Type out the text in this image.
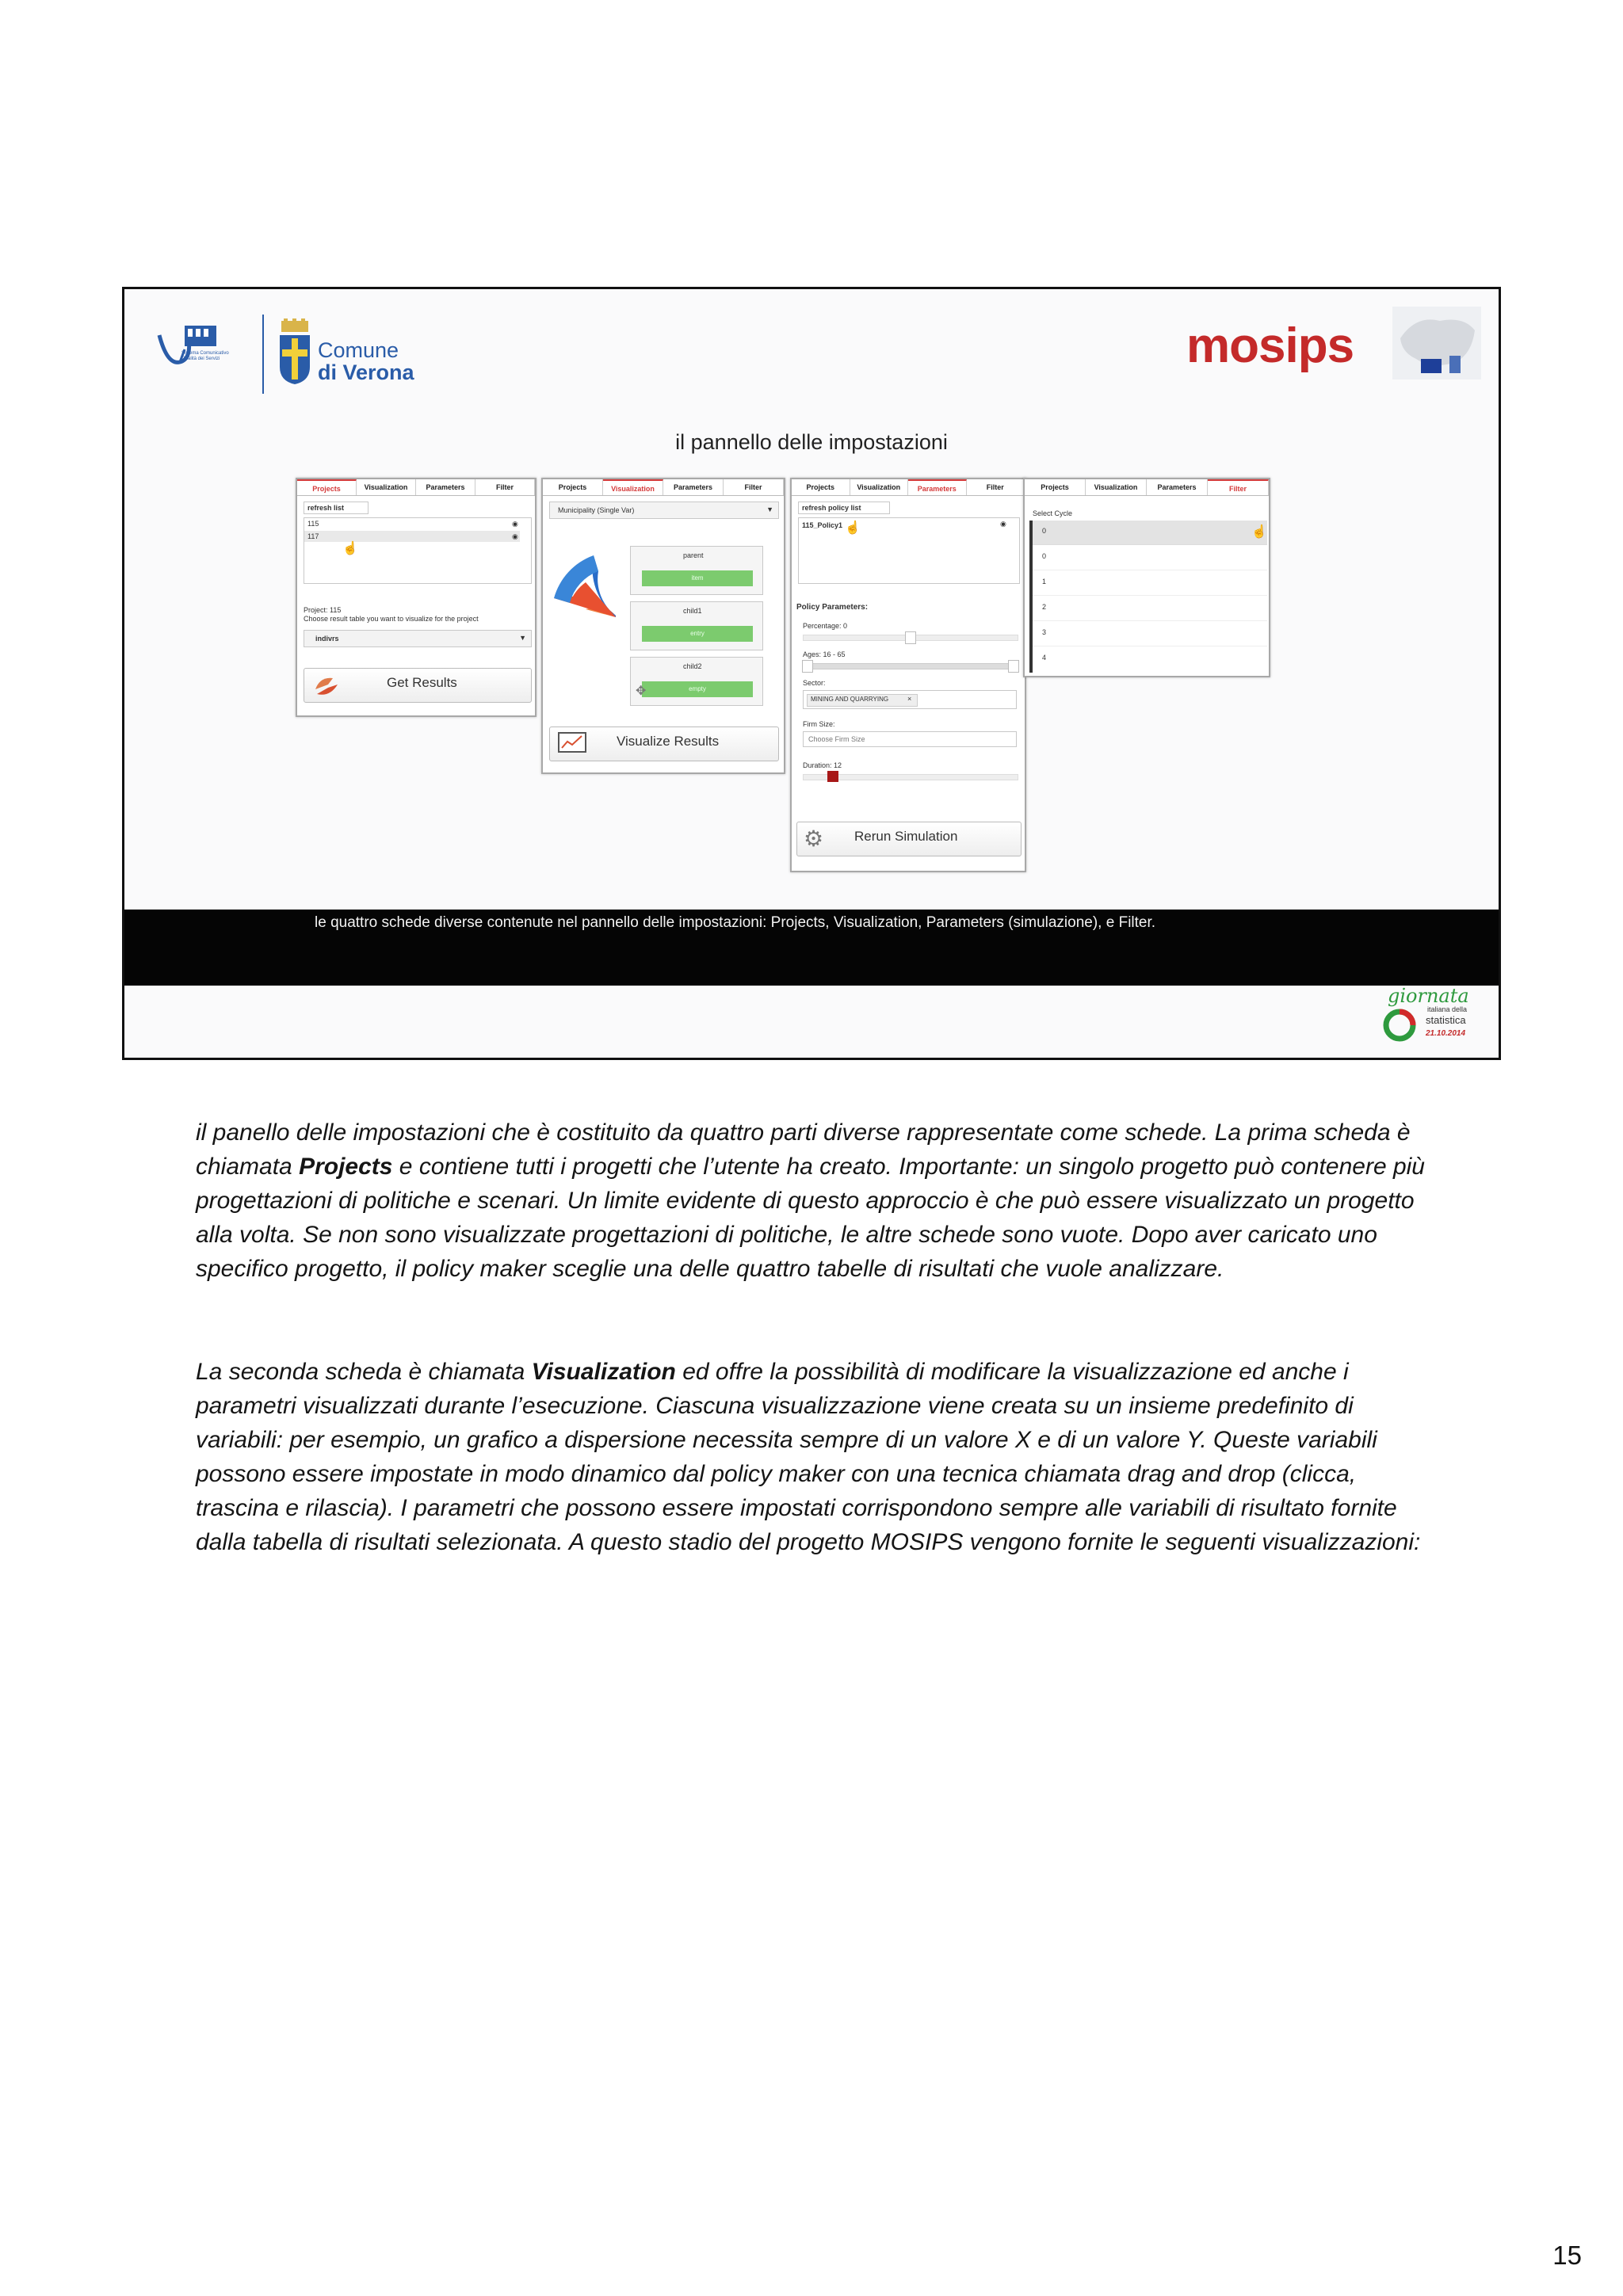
Sistema Comunicativo Qualità dei Servizi	Comune
di Verona	mosips
il pannello delle impostazioni
Projects	Visualization	Parameters	Filter
refresh list
115
117
◉
◉
☝
Project: 115
Choose result table you want to visualize for the project
indivrs	▼
Get Results
Projects	Visualization	Parameters	Filter
Municipality (Single Var)	▼
parent
item
child1
entry
child2
empty
✥
Visualize Results
Projects	Visualization	Parameters	Filter
refresh policy list
115_Policy1	◉
☝
Policy Parameters:
Percentage: 0
Ages: 16 - 65
Sector:
MINING AND QUARRYING	×
Firm Size:
Choose Firm Size
Duration: 12
⚙ Rerun Simulation
Projects	Visualization	Parameters	Filter
Select Cycle
0	☝
0
1
2
3
4
le quattro schede diverse contenute nel pannello delle impostazioni: Projects, Visualization, Parameters (simulazione), e Filter.
giornata
italiana della
statistica
21.10.2014

il panello delle impostazioni che è costituito da quattro parti diverse rappresentate come schede. La prima scheda è chiamata Projects e contiene tutti i progetti che l’utente ha creato. Importante: un singolo progetto può contenere più progettazioni di politiche e scenari. Un limite evidente di questo approccio è che può essere visualizzato un progetto alla volta. Se non sono visualizzate progettazioni di politiche, le altre schede sono vuote. Dopo aver caricato uno specifico progetto, il policy maker sceglie una delle quattro tabelle di risultati che vuole analizzare.

La seconda scheda è chiamata Visualization ed offre la possibilità di modificare la visualizzazione ed anche i parametri visualizzati durante l’esecuzione. Ciascuna visualizzazione viene creata su un insieme predefinito di variabili: per esempio, un grafico a dispersione necessita sempre di un valore X e di un valore Y. Queste variabili possono essere impostate in modo dinamico dal policy maker con una tecnica chiamata drag and drop (clicca, trascina e rilascia). I parametri che possono essere impostati corrispondono sempre alle variabili di risultato fornite dalla tabella di risultati selezionata. A questo stadio del progetto MOSIPS vengono fornite le seguenti visualizzazioni:

15
